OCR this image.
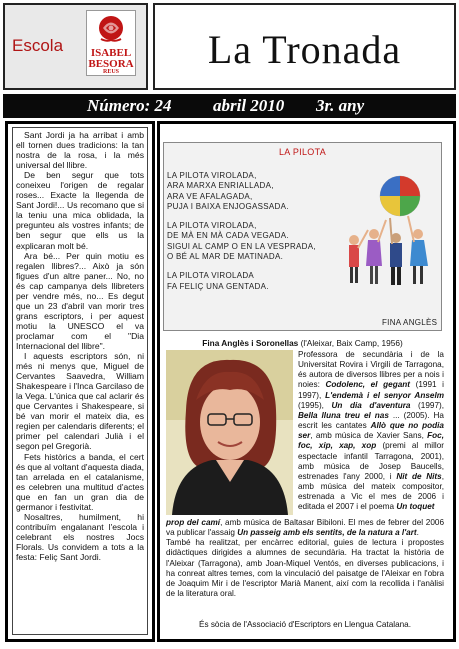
Escola	ISABEL
BESORA
REUS	La Tronada
Número: 24 abril 2010 3r. any

Sant Jordi ja ha arribat i amb ell tornen dues tradicions: la tan nostra de la rosa, i la més universal del llibre.

De ben segur que tots coneixeu l'origen de regalar roses... Exacte la llegenda de Sant Jordi!... Us recomano que si la teniu una mica oblidada, la pregunteu als vostres infants; de ben segur que ells us la explicaran molt bé.

Ara bé... Per quin motiu es regalen llibres?... Això ja són figues d'un altre paner... No, no és cap campanya dels llibreters per vendre més, no... Es degut que un 23 d'abril van morir tres grans escriptors, i per aquest motiu la UNESCO el va proclamar com el "Dia Internacional del llibre".

I aquests escriptors són, ni més ni menys que, Miguel de Cervantes Saavedra, William Shakespeare i l'Inca Garcilaso de la Vega. L'única que cal aclarir és que Cervantes i Shakespeare, si bé van morir el mateix dia, es regien per calendaris diferents; el primer pel calendari Julià i el segon pel Gregorià.

Fets històrics a banda, el cert és que al voltant d'aquesta diada, tan arrelada en el catalanisme, es celebren una multitud d'actes que en fan un gran dia de germanor i festivitat.

Nosaltres, humilment, hi contribuïm engalanant l'escola i celebrant els nostres Jocs Florals. Us convidem a tots a la festa: Feliç Sant Jordi.

LA PILOTA

LA PILOTA VIROLADA,
ARA MARXA ENRIALLADA,
ARA VE AFALAGADA,
PUJA I BAIXA ENJOGASSADA.

LA PILOTA VIROLADA,
DE MÀ EN MÀ CADA VEGADA.
SIGUI AL CAMP O EN LA VESPRADA,
O BÉ AL MAR DE MATINADA.

LA PILOTA VIROLADA
FA FELIÇ UNA GENTADA.

FINA ANGLÈS
Fina Anglès i Soronellas (l'Aleixar, Baix Camp, 1956)

Professora de secundària i de la Universitat Rovira i Virgili de Tarragona, és autora de diversos llibres per a nois i noies: Codolenc, el gegant (1991 i 1997), L'endemà i el senyor Anselm (1995), Un dia d'aventura (1997), Bella lluna treu el nas ... (2005). Ha escrit les cantates Allò que no podia ser, amb música de Xavier Sans, Foc, foc, xip, xap, xop (premi al millor espectacle infantil Tarragona, 2001), amb música de Josep Baucells, estrenades l'any 2000, i Nit de Nits, amb música del mateix compositor, estrenada a Vic el mes de 2006 i editada el 2007 i el poema Un toquet

prop del camí, amb música de Baltasar Bibiloni. El mes de febrer del 2006 va publicar l'assaig Un passeig amb els sentits, de la natura a l'art.

També ha realitzat, per encàrrec editorial, guies de lectura i propostes didàctiques dirigides a alumnes de secundària. Ha tractat la història de l'Aleixar (Tarragona), amb Joan-Miquel Ventós, en diverses publicacions, i ha conreat altres temes, com la vinculació del paisatge de l'Aleixar en l'obra de Joaquim Mir i de l'escriptor Marià Manent, així com la recollida i l'anàlisi de la literatura oral.

És sòcia de l'Associació d'Escriptors en Llengua Catalana.
